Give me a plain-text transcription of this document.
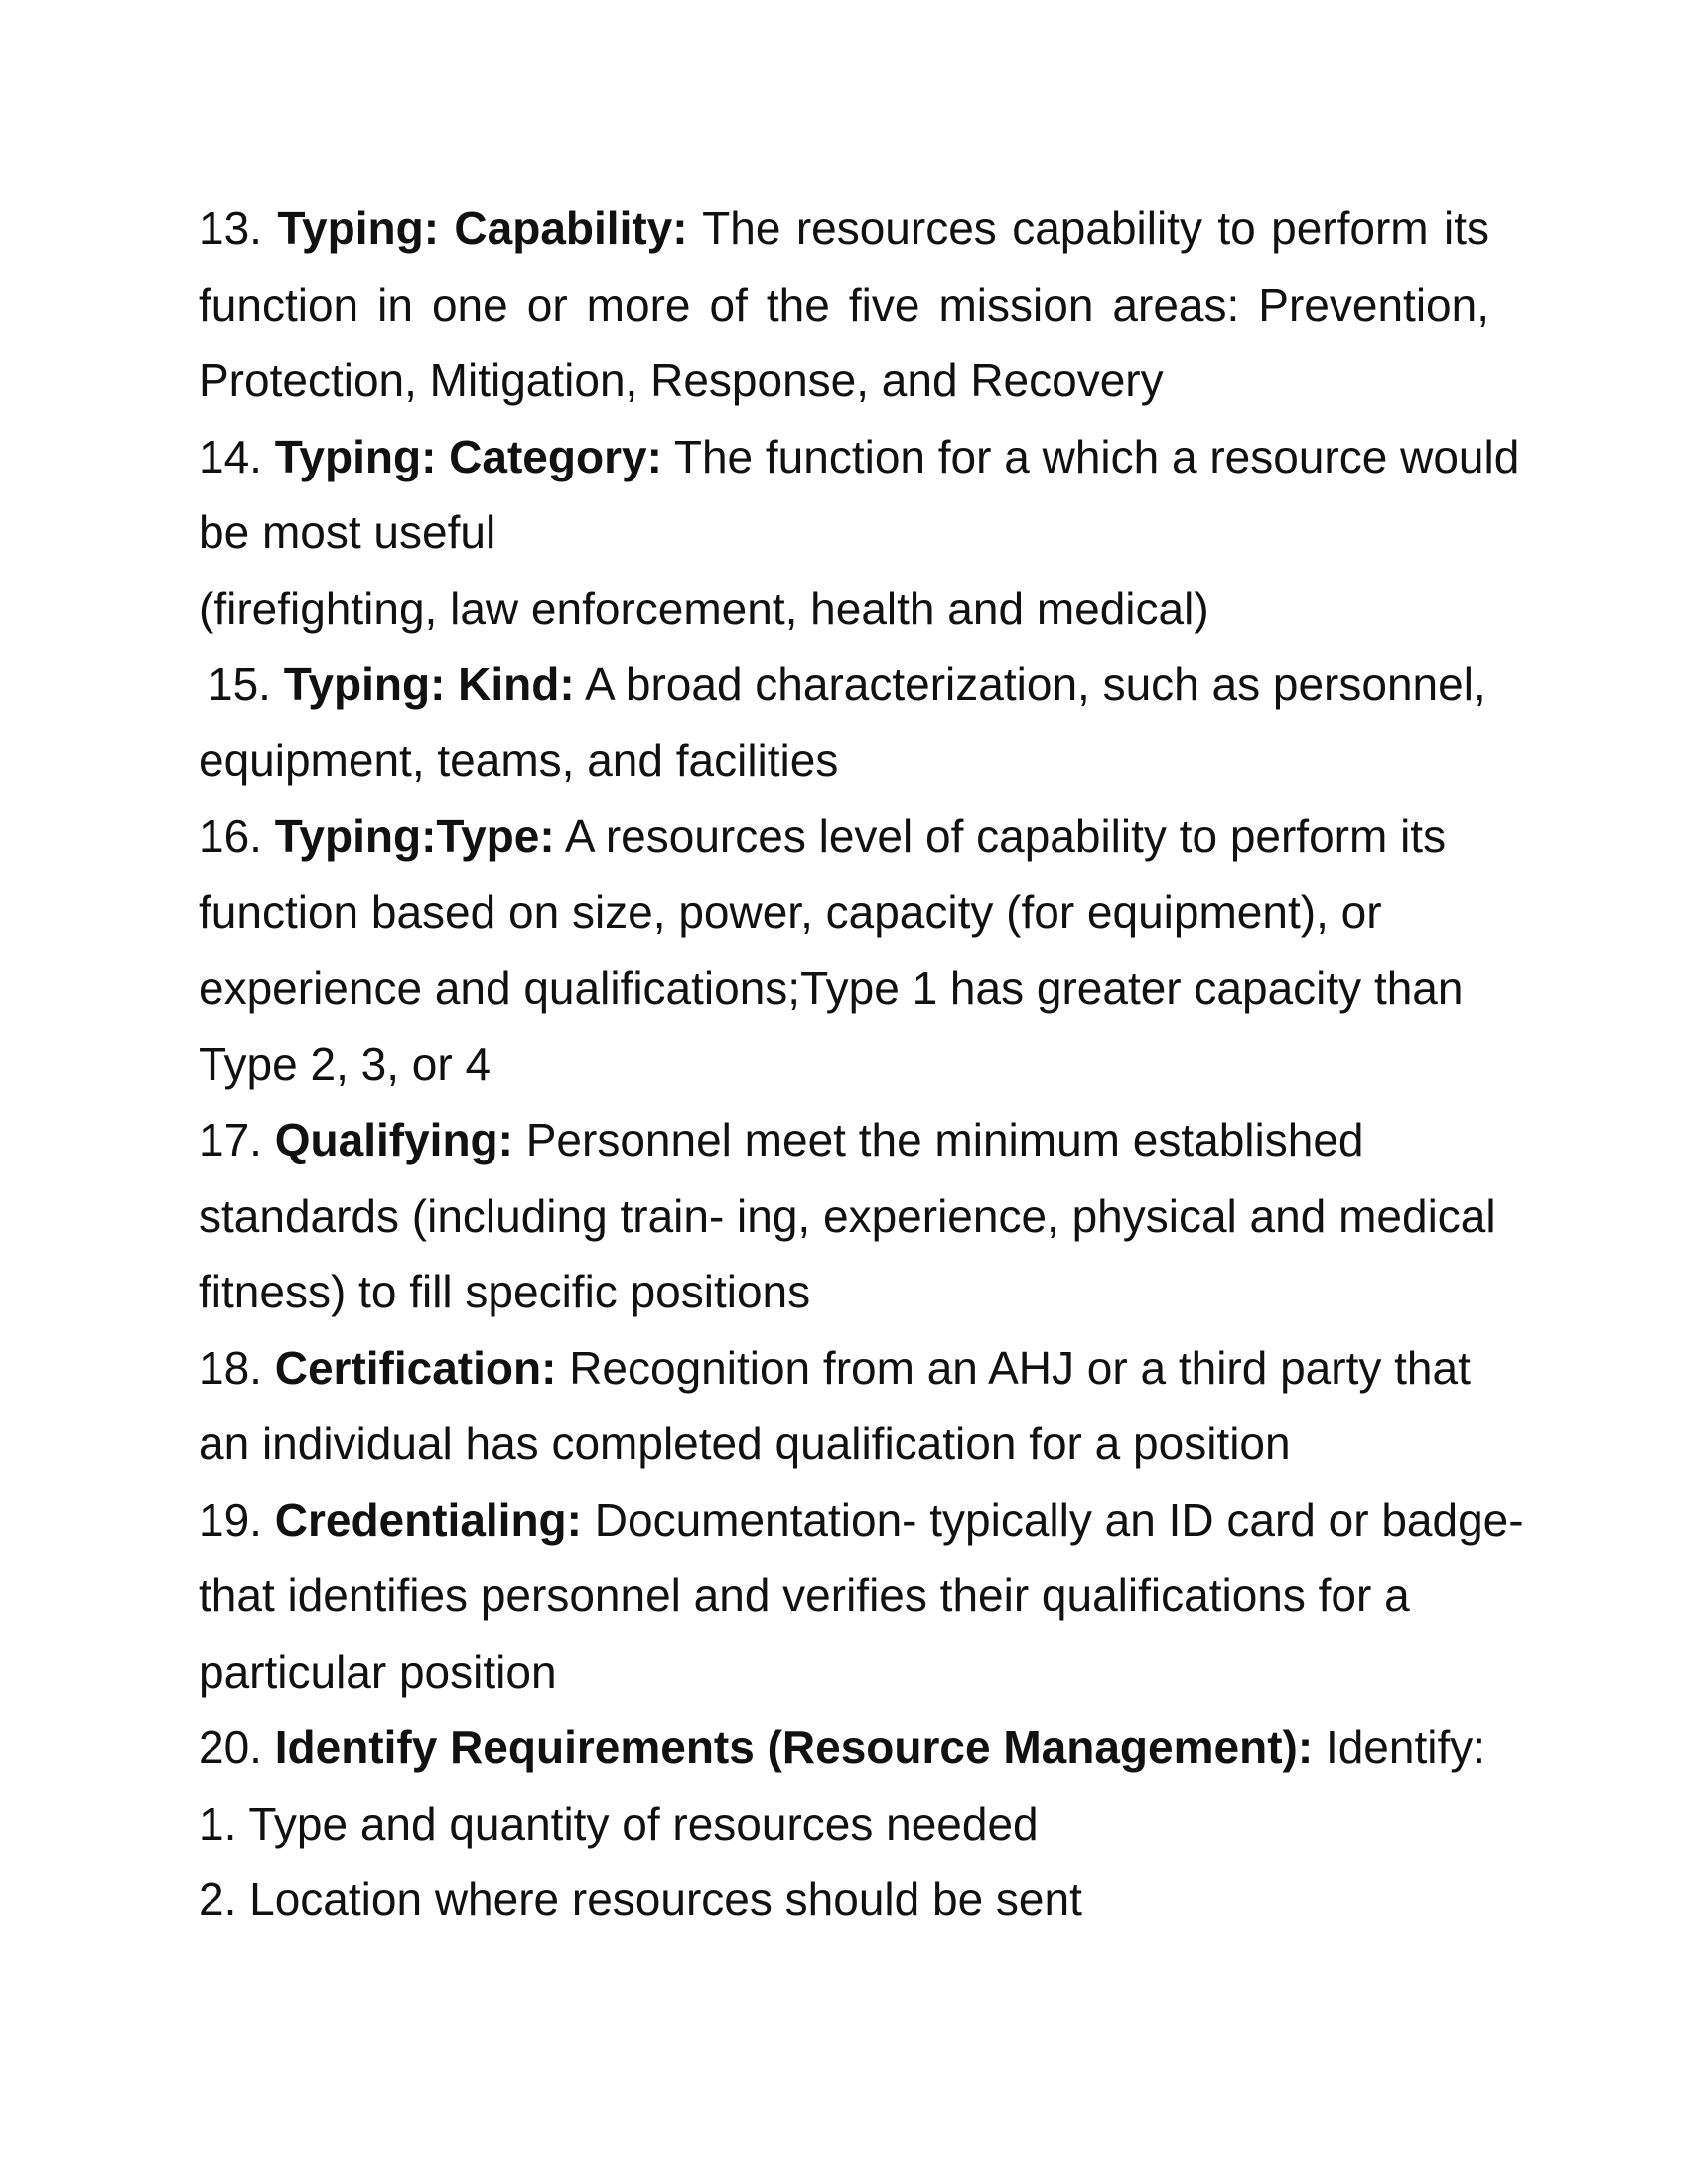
13. Typing: Capability: The resources capability to perform its

function in one or more of the five mission areas: Prevention,

Protection, Mitigation, Response, and Recovery

14. Typing: Category: The function for a which a resource would

be most useful

(firefighting, law enforcement, health and medical)

15. Typing: Kind: A broad characterization, such as personnel,

equipment, teams, and facilities

16. Typing:Type: A resources level of capability to perform its

function based on size, power, capacity (for equipment), or

experience and qualifications;Type 1 has greater capacity than

Type 2, 3, or 4

17. Qualifying: Personnel meet the minimum established

standards (including train- ing, experience, physical and medical

fitness) to fill specific positions

18. Certification: Recognition from an AHJ or a third party that

an individual has completed qualification for a position

19. Credentialing: Documentation- typically an ID card or badge-

that identifies personnel and verifies their qualifications for a

particular position

20. Identify Requirements (Resource Management): Identify:

1. Type and quantity of resources needed

2. Location where resources should be sent
